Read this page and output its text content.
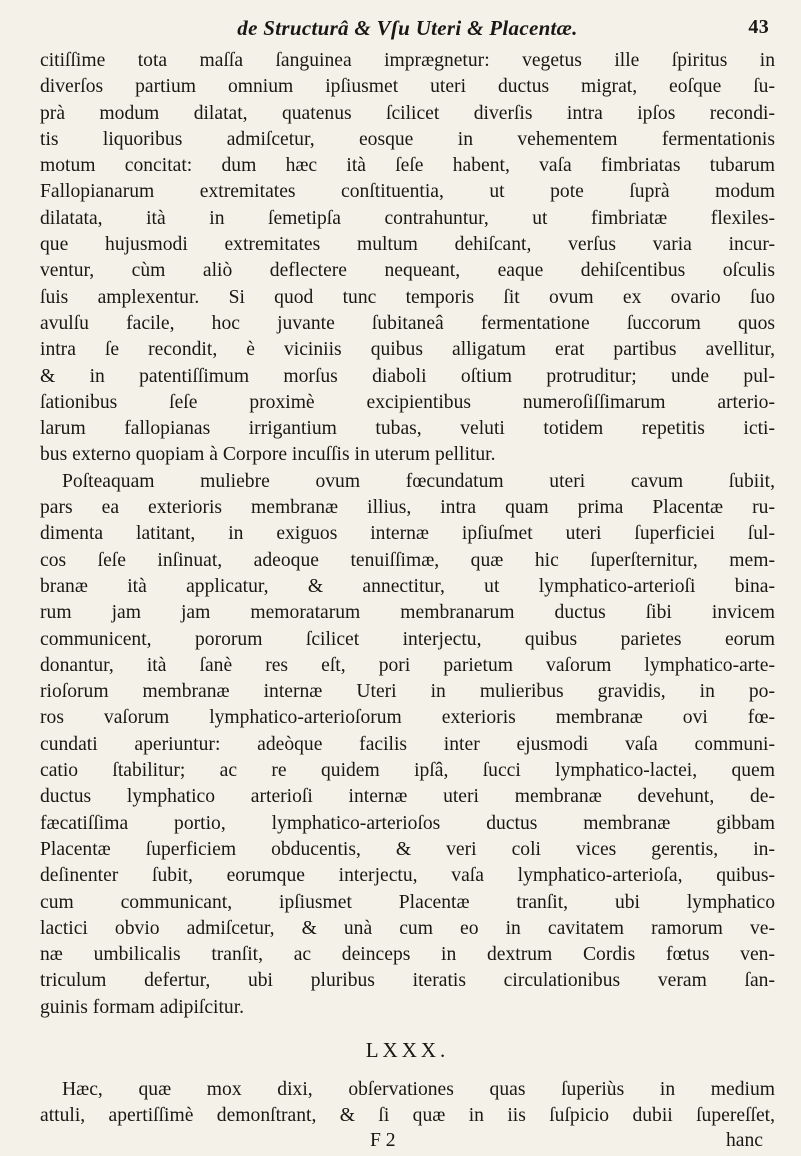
de Structurâ & Vſu Uteri & Placentæ.	43
citiſſime tota maſſa ſanguinea imprægnetur: vegetus ille ſpiritus in
diverſos partium omnium ipſiusmet uteri ductus migrat, eoſque ſu-
prà modum dilatat, quatenus ſcilicet diverſis intra ipſos recondi-
tis liquoribus admiſcetur, eosque in vehementem fermentationis
motum concitat: dum hæc ità ſeſe habent, vaſa fimbriatas tubarum
Fallopianarum extremitates conſtituentia, ut pote ſuprà modum
dilatata, ità in ſemetipſa contrahuntur, ut fimbriatæ flexiles-
que hujusmodi extremitates multum dehiſcant, verſus varia incur-
ventur, cùm aliò deflectere nequeant, eaque dehiſcentibus oſculis
ſuis amplexentur. Si quod tunc temporis ſit ovum ex ovario ſuo
avulſu facile, hoc juvante ſubitaneâ fermentatione ſuccorum quos
intra ſe recondit, è viciniis quibus alligatum erat partibus avellitur,
& in patentiſſimum morſus diaboli oſtium protruditur; unde pul-
ſationibus ſeſe proximè excipientibus numeroſiſſimarum arterio-
larum fallopianas irrigantium tubas, veluti totidem repetitis icti-
bus externo quopiam à Corpore incuſſis in uterum pellitur.
Poſteaquam muliebre ovum fœcundatum uteri cavum ſubiit,
pars ea exterioris membranæ illius, intra quam prima Placentæ ru-
dimenta latitant, in exiguos internæ ipſiuſmet uteri ſuperficiei ſul-
cos ſeſe inſinuat, adeoque tenuiſſimæ, quæ hic ſuperſternitur, mem-
branæ ità applicatur, & annectitur, ut lymphatico-arterioſi bina-
rum jam jam memoratarum membranarum ductus ſibi invicem
communicent, pororum ſcilicet interjectu, quibus parietes eorum
donantur, ità ſanè res eſt, pori parietum vaſorum lymphatico-arte-
rioſorum membranæ internæ Uteri in mulieribus gravidis, in po-
ros vaſorum lymphatico-arterioſorum exterioris membranæ ovi fœ-
cundati aperiuntur: adeòque facilis inter ejusmodi vaſa communi-
catio ſtabilitur; ac re quidem ipſâ, ſucci lymphatico-lactei, quem
ductus lymphatico arterioſi internæ uteri membranæ devehunt, de-
fæcatiſſima portio, lymphatico-arterioſos ductus membranæ gibbam
Placentæ ſuperficiem obducentis, & veri coli vices gerentis, in-
deſinenter ſubit, eorumque interjectu, vaſa lymphatico-arterioſa, quibus-
cum communicant, ipſiusmet Placentæ tranſit, ubi lymphatico
lactici obvio admiſcetur, & unà cum eo in cavitatem ramorum ve-
næ umbilicalis tranſit, ac deinceps in dextrum Cordis fœtus ven-
triculum defertur, ubi pluribus iteratis circulationibus veram ſan-
guinis formam adipiſcitur.
LXXX.
Hæc, quæ mox dixi, obſervationes quas ſuperiùs in medium
attuli, apertiſſimè demonſtrant, & ſi quæ in iis ſuſpicio dubii ſupereſſet,
F 2	hanc
